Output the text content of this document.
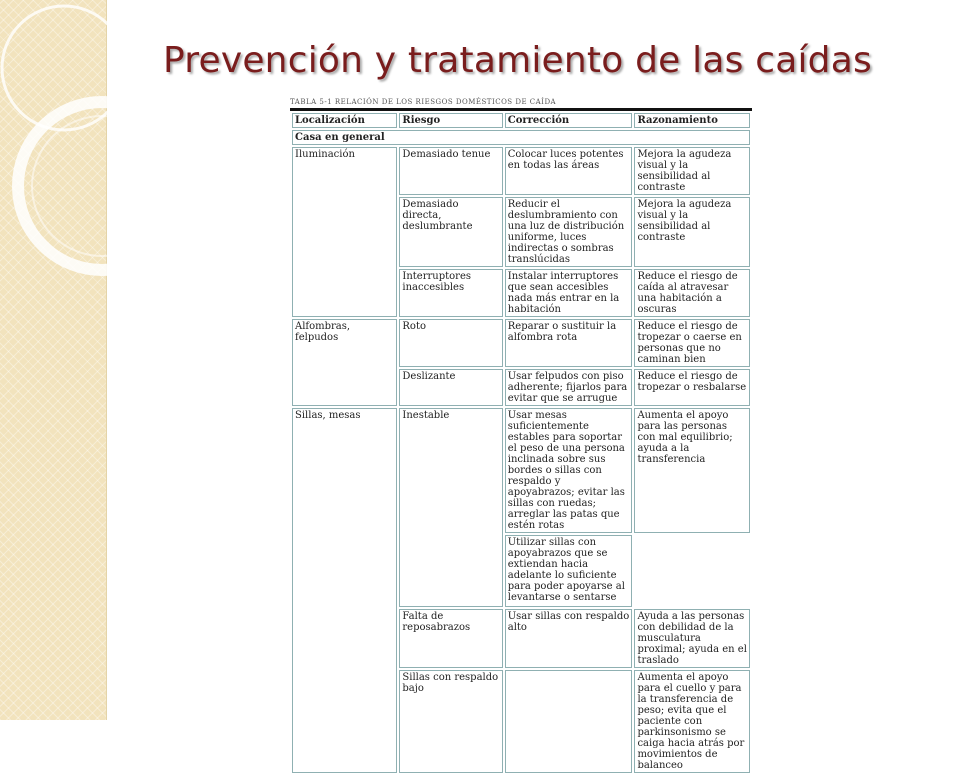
Prevención y tratamiento de las caídas
TABLA 5-1 RELACIÓN DE LOS RIESGOS DOMÉSTICOS DE CAÍDA
Localización	Riesgo	Corrección	Razonamiento
Casa en general			
Iluminación	Demasiado tenue	Colocar luces potentes en todas las áreas	Mejora la agudeza visual y la sensibilidad al contraste
	Demasiado directa, deslumbrante	Reducir el deslumbramiento con una luz de distribución uniforme, luces indirectas o sombras translúcidas	Mejora la agudeza visual y la sensibilidad al contraste
	Interruptores inaccesibles	Instalar interruptores que sean accesibles nada más entrar en la habitación	Reduce el riesgo de caída al atravesar una habitación a oscuras
Alfombras, felpudos	Roto	Reparar o sustituir la alfombra rota	Reduce el riesgo de tropezar o caerse en personas que no caminan bien
	Deslizante	Usar felpudos con piso adherente; fijarlos para evitar que se arrugue	Reduce el riesgo de tropezar o resbalarse
Sillas, mesas	Inestable	Usar mesas suficientemente estables para soportar el peso de una persona inclinada sobre sus bordes o sillas con respaldo y apoyabrazos; evitar las sillas con ruedas; arreglar las patas que estén rotas	Aumenta el apoyo para las personas con mal equilibrio; ayuda a la transferencia
		Utilizar sillas con apoyabrazos que se extiendan hacia adelante lo suficiente para poder apoyarse al levantarse o sentarse	
	Falta de reposabrazos	Usar sillas con respaldo alto	Ayuda a las personas con debilidad de la musculatura proximal; ayuda en el traslado
	Sillas con respaldo bajo		Aumenta el apoyo para el cuello y para la transferencia de peso; evita que el paciente con parkinsonismo se caiga hacia atrás por movimientos de balanceo
